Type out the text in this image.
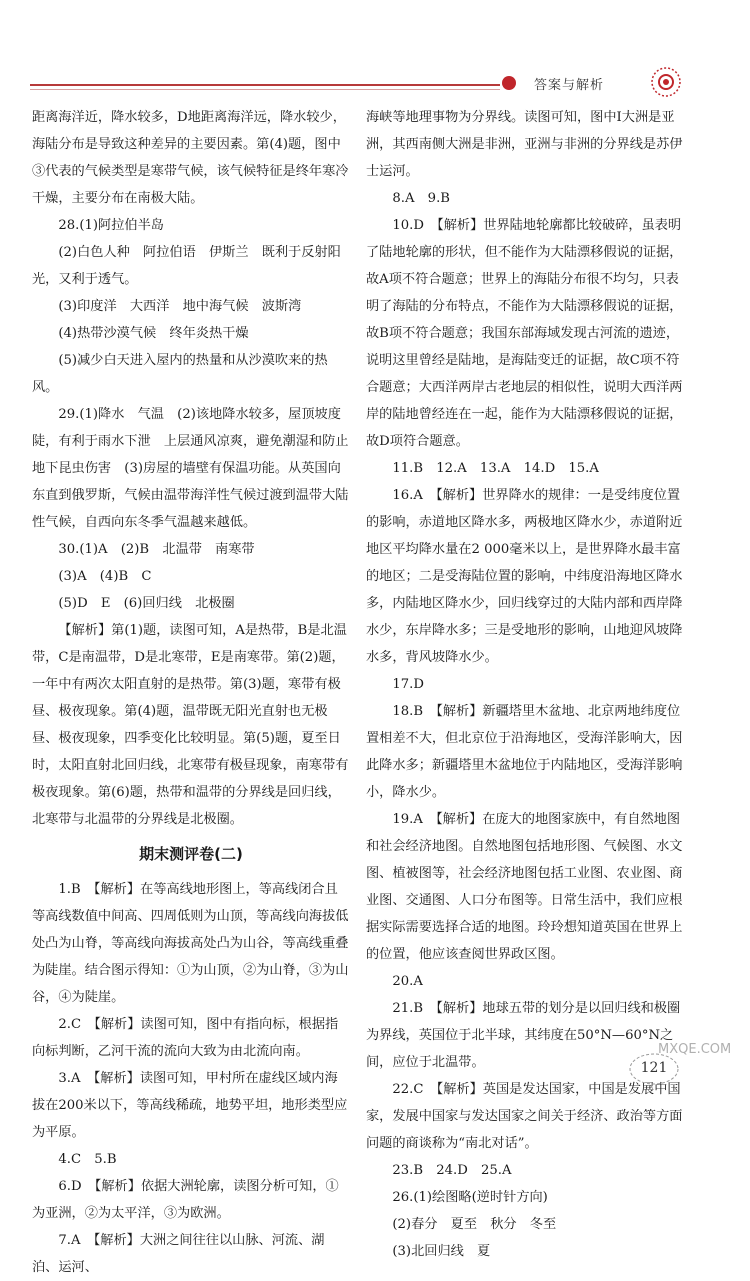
答案与解析

距离海洋近，降水较多，D地距离海洋远，降水较少，海陆分布是导致这种差异的主要因素。第(4)题，图中③代表的气候类型是寒带气候，该气候特征是终年寒冷干燥，主要分布在南极大陆。

28.(1)阿拉伯半岛

(2)白色人种　阿拉伯语　伊斯兰　既利于反射阳光，又利于透气。

(3)印度洋　大西洋　地中海气候　波斯湾

(4)热带沙漠气候　终年炎热干燥

(5)减少白天进入屋内的热量和从沙漠吹来的热风。

29.(1)降水　气温　(2)该地降水较多，屋顶坡度陡，有利于雨水下泄　上层通风凉爽，避免潮湿和防止地下昆虫伤害　(3)房屋的墙壁有保温功能。从英国向东直到俄罗斯，气候由温带海洋性气候过渡到温带大陆性气候，自西向东冬季气温越来越低。

30.(1)A　(2)B　北温带　南寒带

(3)A　(4)B　C

(5)D　E　(6)回归线　北极圈

【解析】第(1)题，读图可知，A是热带，B是北温带，C是南温带，D是北寒带，E是南寒带。第(2)题，一年中有两次太阳直射的是热带。第(3)题，寒带有极昼、极夜现象。第(4)题，温带既无阳光直射也无极昼、极夜现象，四季变化比较明显。第(5)题，夏至日时，太阳直射北回归线，北寒带有极昼现象，南寒带有极夜现象。第(6)题，热带和温带的分界线是回归线，北寒带与北温带的分界线是北极圈。

期末测评卷(二)

1.B　【解析】在等高线地形图上，等高线闭合且等高线数值中间高、四周低则为山顶，等高线向海拔低处凸为山脊，等高线向海拔高处凸为山谷，等高线重叠为陡崖。结合图示得知：①为山顶，②为山脊，③为山谷，④为陡崖。

2.C　【解析】读图可知，图中有指向标，根据指向标判断，乙河干流的流向大致为由北流向南。

3.A　【解析】读图可知，甲村所在虚线区域内海拔在200米以下，等高线稀疏，地势平坦，地形类型应为平原。

4.C　5.B

6.D　【解析】依据大洲轮廓，读图分析可知，①为亚洲，②为太平洋，③为欧洲。

7.A　【解析】大洲之间往往以山脉、河流、湖泊、运河、

海峡等地理事物为分界线。读图可知，图中Ⅰ大洲是亚洲，其西南侧大洲是非洲，亚洲与非洲的分界线是苏伊士运河。

8.A　9.B

10.D　【解析】世界陆地轮廓都比较破碎，虽表明了陆地轮廓的形状，但不能作为大陆漂移假说的证据，故A项不符合题意；世界上的海陆分布很不均匀，只表明了海陆的分布特点，不能作为大陆漂移假说的证据，故B项不符合题意；我国东部海域发现古河流的遗迹，说明这里曾经是陆地，是海陆变迁的证据，故C项不符合题意；大西洋两岸古老地层的相似性，说明大西洋两岸的陆地曾经连在一起，能作为大陆漂移假说的证据，故D项符合题意。

11.B　12.A　13.A　14.D　15.A

16.A　【解析】世界降水的规律：一是受纬度位置的影响，赤道地区降水多，两极地区降水少，赤道附近地区平均降水量在2 000毫米以上，是世界降水最丰富的地区；二是受海陆位置的影响，中纬度沿海地区降水多，内陆地区降水少，回归线穿过的大陆内部和西岸降水少，东岸降水多；三是受地形的影响，山地迎风坡降水多，背风坡降水少。

17.D

18.B　【解析】新疆塔里木盆地、北京两地纬度位置相差不大，但北京位于沿海地区，受海洋影响大，因此降水多；新疆塔里木盆地位于内陆地区，受海洋影响小，降水少。

19.A　【解析】在庞大的地图家族中，有自然地图和社会经济地图。自然地图包括地形图、气候图、水文图、植被图等，社会经济地图包括工业图、农业图、商业图、交通图、人口分布图等。日常生活中，我们应根据实际需要选择合适的地图。玲玲想知道英国在世界上的位置，他应该查阅世界政区图。

20.A

21.B　【解析】地球五带的划分是以回归线和极圈为界线，英国位于北半球，其纬度在50°N—60°N之间，应位于北温带。

22.C　【解析】英国是发达国家，中国是发展中国家，发展中国家与发达国家之间关于经济、政治等方面问题的商谈称为“南北对话”。

23.B　24.D　25.A

26.(1)绘图略(逆时针方向)

(2)春分　夏至　秋分　冬至

(3)北回归线　夏

121
MXQE.COM
